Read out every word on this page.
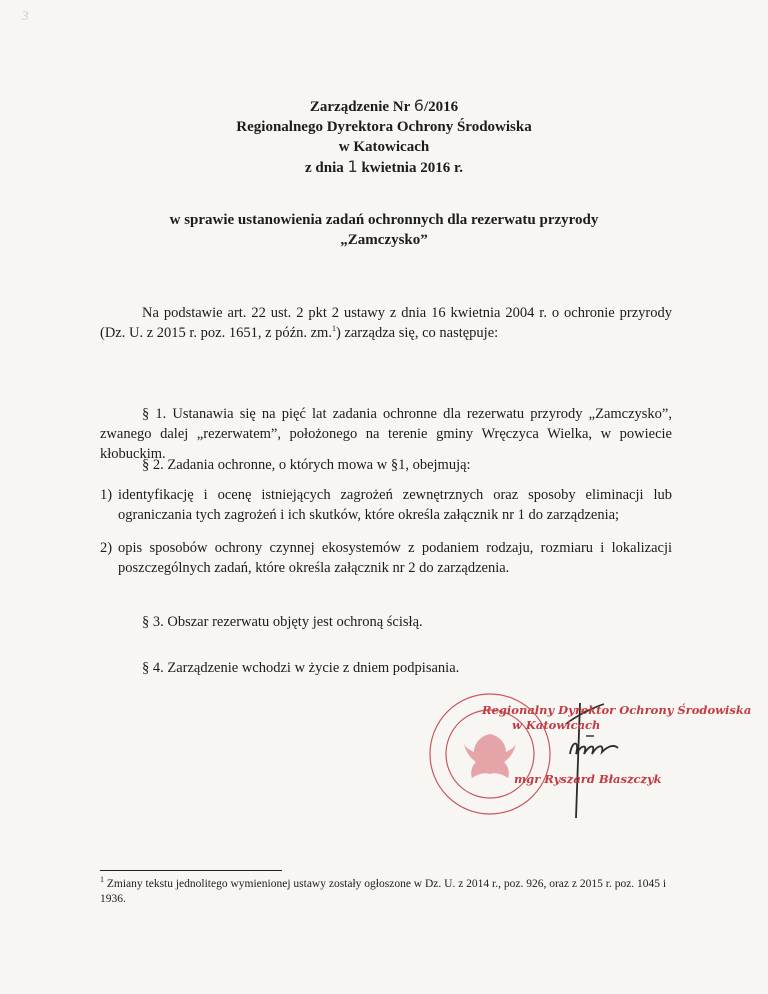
3
Zarządzenie Nr 6/2016
Regionalnego Dyrektora Ochrony Środowiska
w Katowicach
z dnia 1 kwietnia 2016 r.
w sprawie ustanowienia zadań ochronnych dla rezerwatu przyrody
„Zamczysko”
Na podstawie art. 22 ust. 2 pkt 2 ustawy z dnia 16 kwietnia 2004 r. o ochronie przyrody (Dz. U. z 2015 r. poz. 1651, z późn. zm.$^1$) zarządza się, co następuje:
§ 1. Ustanawia się na pięć lat zadania ochronne dla rezerwatu przyrody „Zamczysko”, zwanego dalej „rezerwatem”, położonego na terenie gminy Wręczyca Wielka, w powiecie kłobuckim.
§ 2. Zadania ochronne, o których mowa w §1, obejmują:
1) identyfikację i ocenę istniejących zagrożeń zewnętrznych oraz sposoby eliminacji lub ograniczania tych zagrożeń i ich skutków, które określa załącznik nr 1 do zarządzenia;
2) opis sposobów ochrony czynnej ekosystemów z podaniem rodzaju, rozmiaru i lokalizacji poszczególnych zadań, które określa załącznik nr 2 do zarządzenia.
§ 3. Obszar rezerwatu objęty jest ochroną ścisłą.
§ 4. Zarządzenie wchodzi w życie z dniem podpisania.
Regionalny Dyrektor Ochrony Środowiska
w Katowicach
mgr Ryszard Błaszczyk
$^1$ Zmiany tekstu jednolitego wymienionej ustawy zostały ogłoszone w Dz. U. z 2014 r., poz. 926, oraz z 2015 r. poz. 1045 i 1936.
